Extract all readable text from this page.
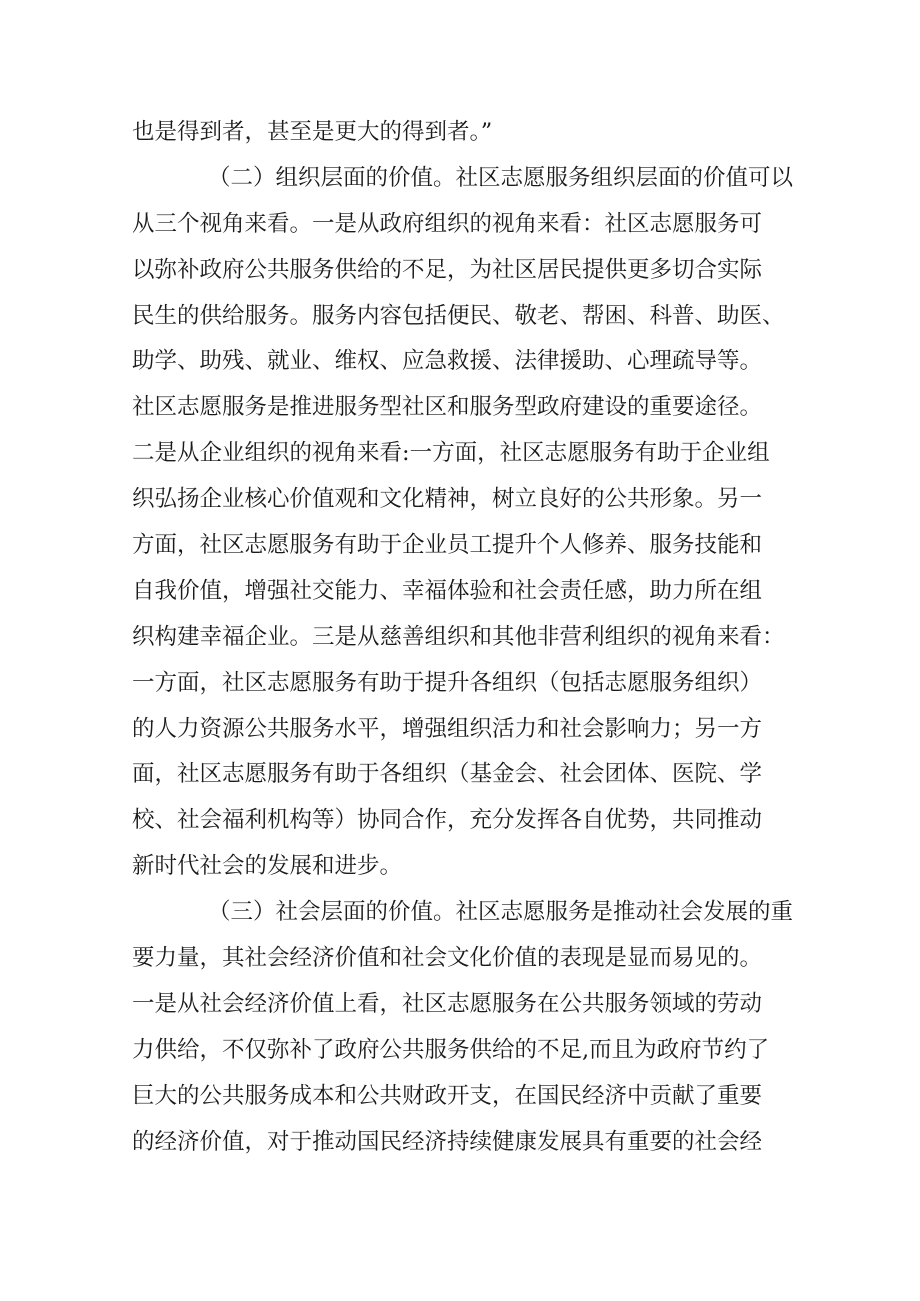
也是得到者，甚至是更大的得到者。”
（二）组织层面的价值。社区志愿服务组织层面的价值可以
从三个视角来看。一是从政府组织的视角来看：社区志愿服务可
以弥补政府公共服务供给的不足，为社区居民提供更多切合实际
民生的供给服务。服务内容包括便民、敬老、帮困、科普、助医、
助学、助残、就业、维权、应急救援、法律援助、心理疏导等。
社区志愿服务是推进服务型社区和服务型政府建设的重要途径。
二是从企业组织的视角来看:一方面，社区志愿服务有助于企业组
织弘扬企业核心价值观和文化精神，树立良好的公共形象。另一
方面，社区志愿服务有助于企业员工提升个人修养、服务技能和
自我价值，增强社交能力、幸福体验和社会责任感，助力所在组
织构建幸福企业。三是从慈善组织和其他非营利组织的视角来看：
一方面，社区志愿服务有助于提升各组织（包括志愿服务组织）
的人力资源公共服务水平，增强组织活力和社会影响力；另一方
面，社区志愿服务有助于各组织（基金会、社会团体、医院、学
校、社会福利机构等）协同合作，充分发挥各自优势，共同推动
新时代社会的发展和进步。
（三）社会层面的价值。社区志愿服务是推动社会发展的重
要力量，其社会经济价值和社会文化价值的表现是显而易见的。
一是从社会经济价值上看，社区志愿服务在公共服务领域的劳动
力供给，不仅弥补了政府公共服务供给的不足,而且为政府节约了
巨大的公共服务成本和公共财政开支，在国民经济中贡献了重要
的经济价值，对于推动国民经济持续健康发展具有重要的社会经
